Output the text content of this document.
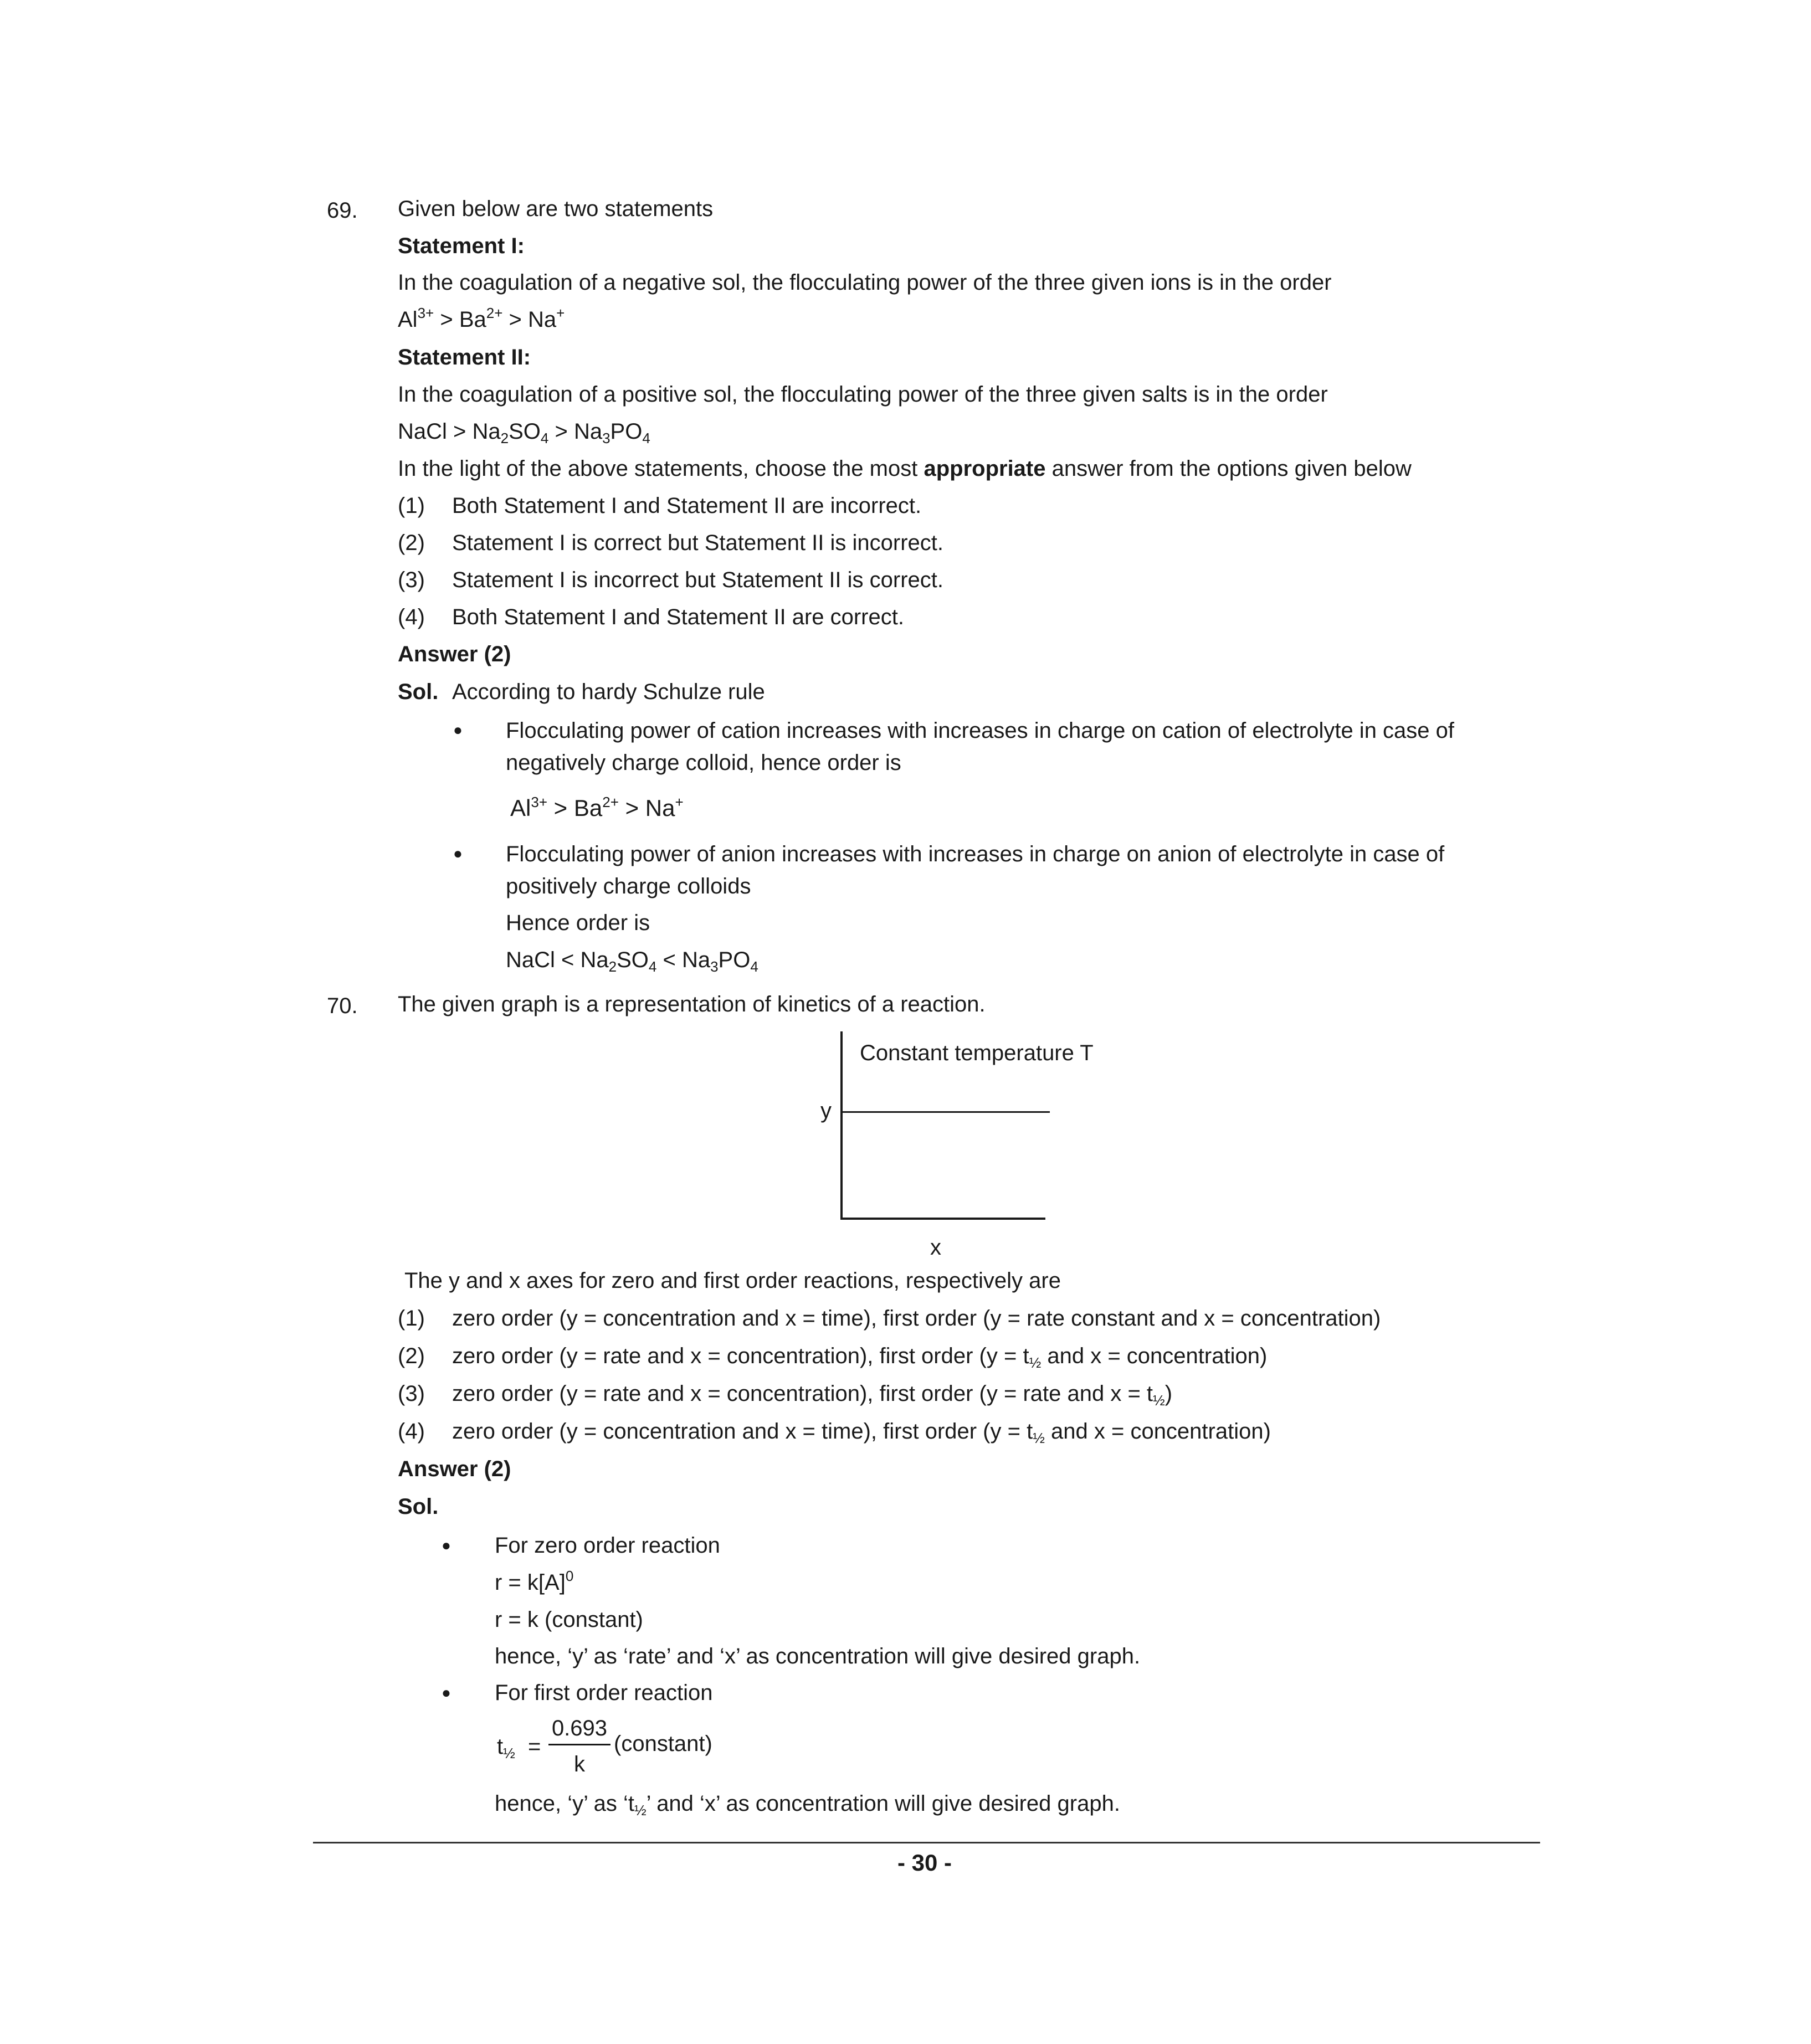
69. Given below are two statements
Statement I:
In the coagulation of a negative sol, the flocculating power of the three given ions is in the order
$Al^{3+} > Ba^{2+} > Na^+$
Statement II:
In the coagulation of a positive sol, the flocculating power of the three given salts is in the order
NaCl > $Na_2SO_4 > Na_3PO_4$
In the light of the above statements, choose the most appropriate answer from the options given below
(1) Both Statement I and Statement II are incorrect.
(2) Statement I is correct but Statement II is incorrect.
(3) Statement I is incorrect but Statement II is correct.
(4) Both Statement I and Statement II are correct.
Answer (2)
Sol. According to hardy Schulze rule
● Flocculating power of cation increases with increases in charge on cation of electrolyte in case of
negatively charge colloid, hence order is
$Al^{3+} > Ba^{2+} > Na^+$
● Flocculating power of anion increases with increases in charge on anion of electrolyte in case of
positively charge colloids
Hence order is
NaCl < $Na_2SO_4 < Na_3PO_4$
70. The given graph is a representation of kinetics of a reaction.
Constant temperature T
y
x
The y and x axes for zero and first order reactions, respectively are
(1) zero order (y = concentration and x = time), first order (y = rate constant and x = concentration)
(2) zero order (y = rate and x = concentration), first order ($y = t_{\frac{1}{2}}$ and x = concentration)
(3) zero order (y = rate and x = concentration), first order (y = rate and $x = t_{\frac{1}{2}}$)
(4) zero order (y = concentration and x = time), first order ($y = t_{\frac{1}{2}}$ and x = concentration)
Answer (2)
Sol.
● For zero order reaction
$r = k[A]^0$
r = k (constant)
hence, ‘y’ as ‘rate’ and ‘x’ as concentration will give desired graph.
● For first order reaction
$t_{\frac{1}{2}}$ =
0.693
k
(constant)
hence, ‘y’ as ‘$t_{\frac{1}{2}}$’ and ‘x’ as concentration will give desired graph.
- 30 -
